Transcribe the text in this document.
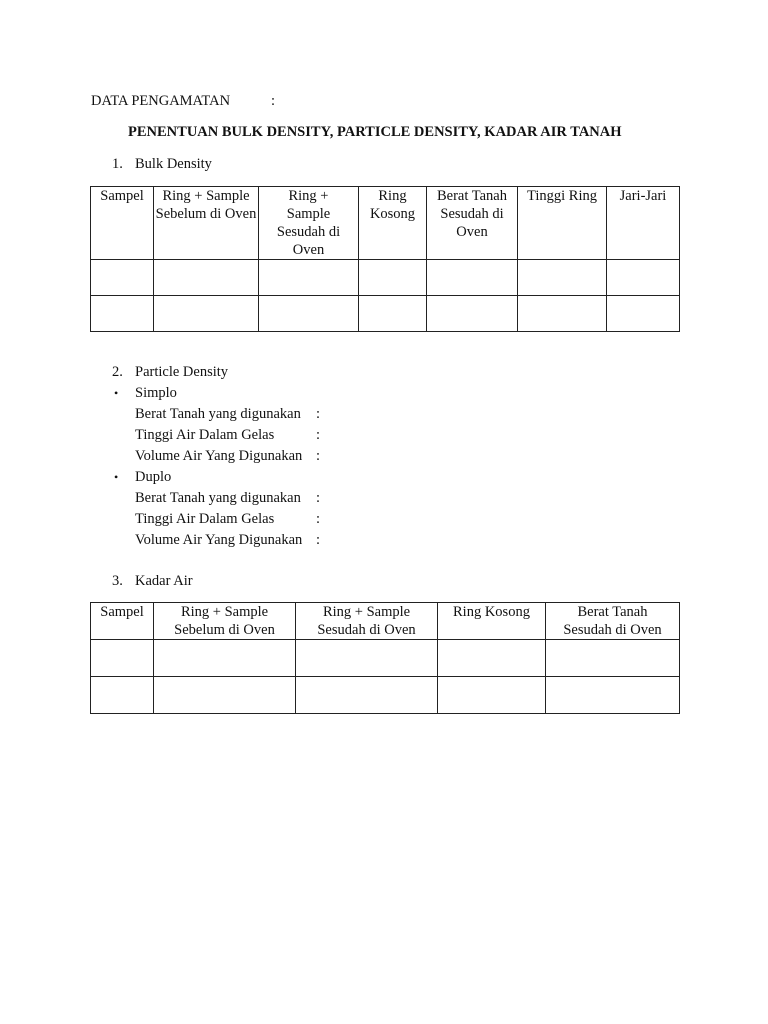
DATA PENGAMATAN	:
PENENTUAN BULK DENSITY, PARTICLE DENSITY, KADAR AIR TANAH
1. Bulk Density
Sampel	Ring + Sample Sebelum di Oven	Ring + Sample Sesudah di Oven	Ring Kosong	Berat Tanah Sesudah di Oven	Tinggi Ring	Jari-Jari

2. Particle Density
• Simplo
Berat Tanah yang digunakan :
Tinggi Air Dalam Gelas	:
Volume Air Yang Digunakan :
• Duplo
Berat Tanah yang digunakan :
Tinggi Air Dalam Gelas	:
Volume Air Yang Digunakan :
3. Kadar Air
Sampel	Ring + Sample Sebelum di Oven	Ring + Sample Sesudah di Oven	Ring Kosong	Berat Tanah Sesudah di Oven
